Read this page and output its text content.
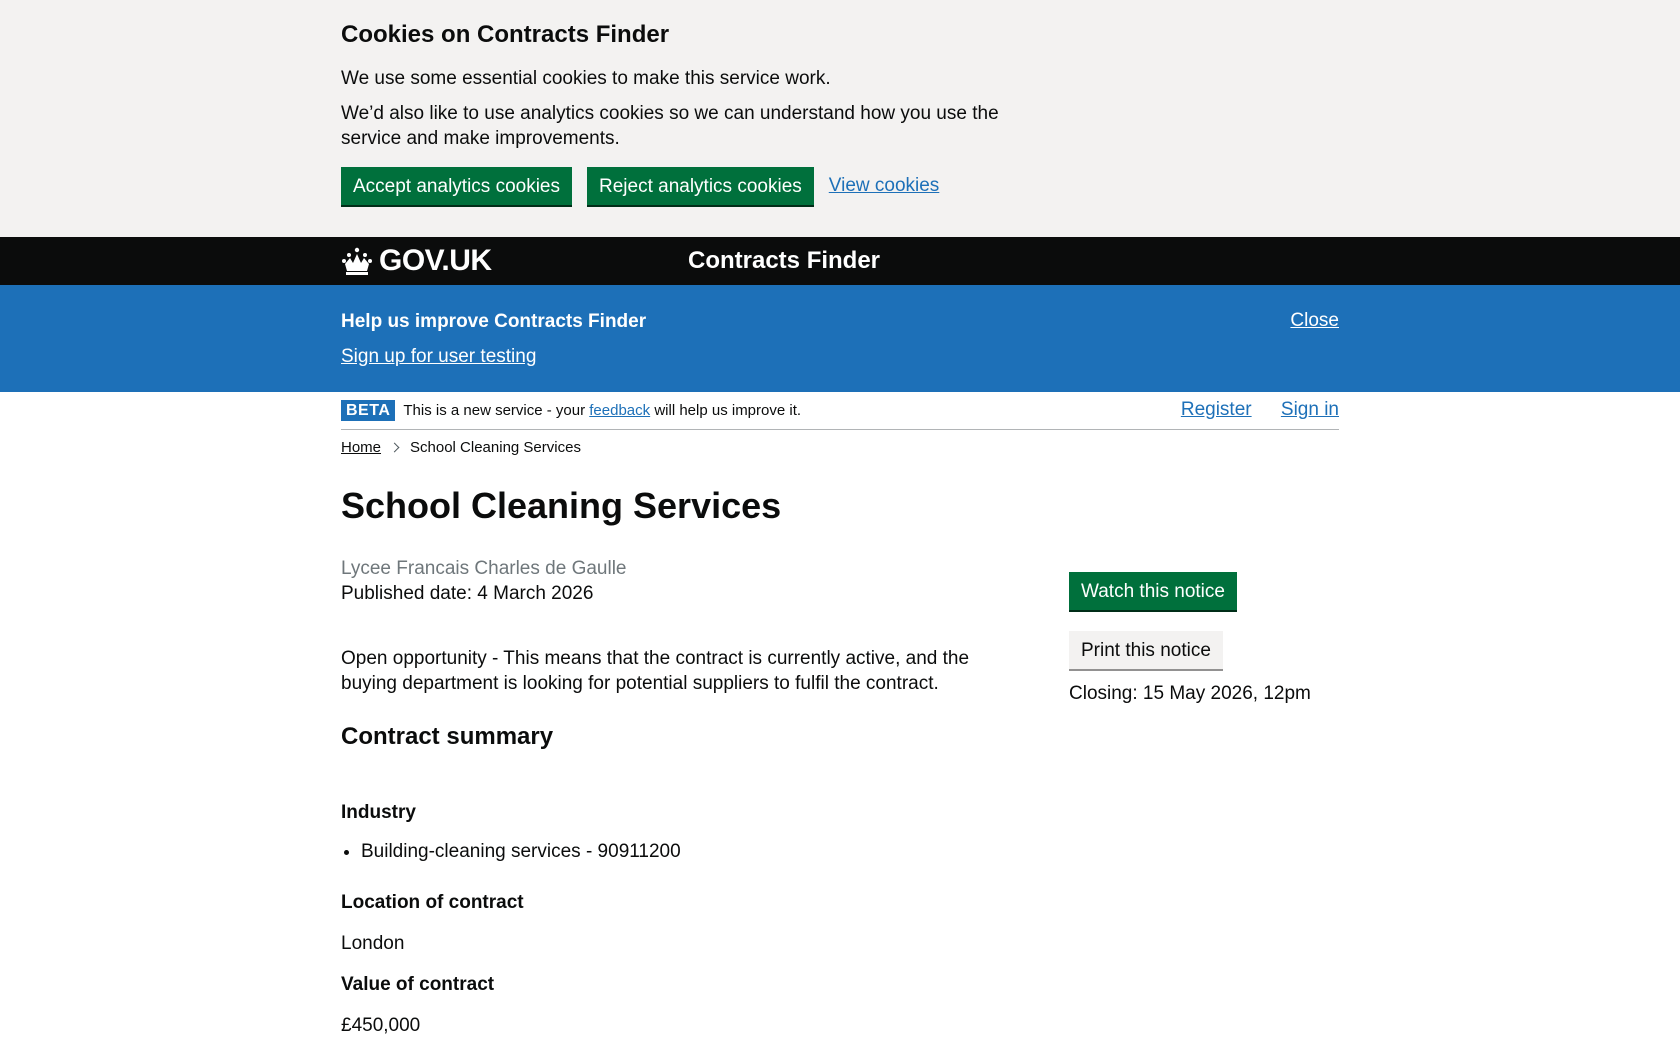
Cookies on Contracts Finder

We use some essential cookies to make this service work.

We’d also like to use analytics cookies so we can understand how you use the service and make improvements.

Accept analytics cookies	Reject analytics cookies	View cookies
GOV.UK	Contracts Finder
Help us improve Contracts Finder
Sign up for user testing
Close
BETA This is a new service - your feedback will help us improve it.	Register Sign in
Home School Cleaning Services
School Cleaning Services

Lycee Francais Charles de Gaulle

Published date: 4 March 2026

Open opportunity - This means that the contract is currently active, and the buying department is looking for potential suppliers to fulfil the contract.

Contract summary
Industry
• Building-cleaning services - 90911200
Location of contract

London

Value of contract

£450,000

Watch this notice
Print this notice

Closing: 15 May 2026, 12pm
